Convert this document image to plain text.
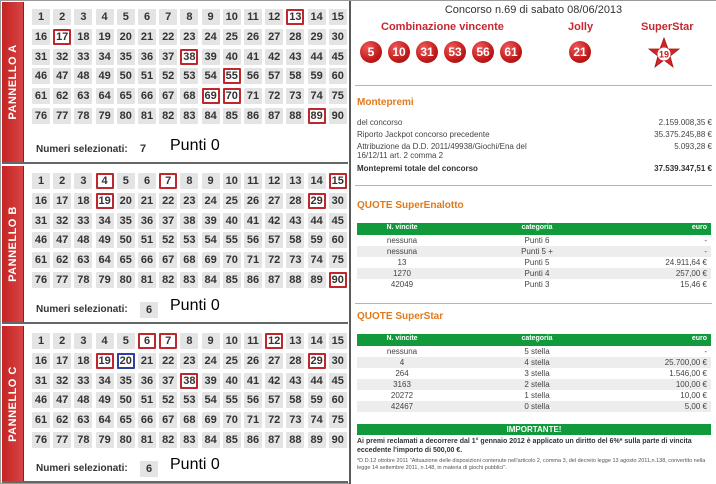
PANNELLO A
1	2	3	4	5	6	7	8	9	10 11 12 13 14 15
16 17 18 19 20 21 22 23 24 25 26 27 28 29 30
31 32 33 34 35 36 37 38 39 40 41 42 43 44 45
46 47 48 49 50 51 52 53 54 55 56 57 58 59 60
61 62 63 64 65 66 67 68 69 70 71 72 73 74 75
76 77 78 79 80 81 82 83 84 85 86 87 88 89 90
Numeri selezionati: 7 Punti 0
PANNELLO B
1	2	3	4	5	6	7	8	9	10 11 12 13 14 15
16 17 18 19 20 21 22 23 24 25 26 27 28 29 30
31 32 33 34 35 36 37 38 39 40 41 42 43 44 45
46 47 48 49 50 51 52 53 54 55 56 57 58 59 60
61 62 63 64 65 66 67 68 69 70 71 72 73 74 75
76 77 78 79 80 81 82 83 84 85 86 87 88 89 90
Numeri selezionati:	6	Punti 0
PANNELLO C
1	2	3	4	5	6	7	8	9	10 11 12 13 14 15
16 17 18 19 20 21 22 23 24 25 26 27 28 29 30
31 32 33 34 35 36 37 38 39 40 41 42 43 44 45
46 47 48 49 50 51 52 53 54 55 56 57 58 59 60
61 62 63 64 65 66 67 68 69 70 71 72 73 74 75
76 77 78 79 80 81 82 83 84 85 86 87 88 89 90
Numeri selezionati:	6	Punti 0
Concorso n.69 di sabato 08/06/2013
Combinazione vincente	Jolly	SuperStar
5	10	31	53	56	61	21	19
Montepremi
del concorso	2.159.008,35 €
Riporto Jackpot concorso precedente	35.375.245,88 €
Attribuzione da D.D. 2011/49938/Giochi/Ena del	5.093,28 €
16/12/11 art. 2 comma 2
Montepremi totale del concorso	37.539.347,51 €
QUOTE SuperEnalotto
N. vincite	categoria	euro
nessuna	Punti 6	-
nessuna	Punti 5 +	-
13	Punti 5	24.911,64 €
1270	Punti 4	257,00 €
42049	Punti 3	15,46 €
QUOTE SuperStar
N. vincite	categoria	euro
nessuna	5 stella	-
4	4 stella	25.700,00 €
264	3 stella	1.546,00 €
3163	2 stella	100,00 €
20272	1 stella	10,00 €
42467	0 stella	5,00 €
IMPORTANTE!
Ai premi reclamati a decorrere dal 1° gennaio 2012 è applicato un diritto del 6%* sulla parte di vincita eccedente l'importo di 500,00 €.
*D.D.12 ottobre 2011 "Attuazione delle disposizioni contenute nell'articolo 2, comma 3, del decreto legge 13 agosto 2011,n.138, convertito nella legge 14 settembre 2011, n.148, in materia di giochi pubblici".
